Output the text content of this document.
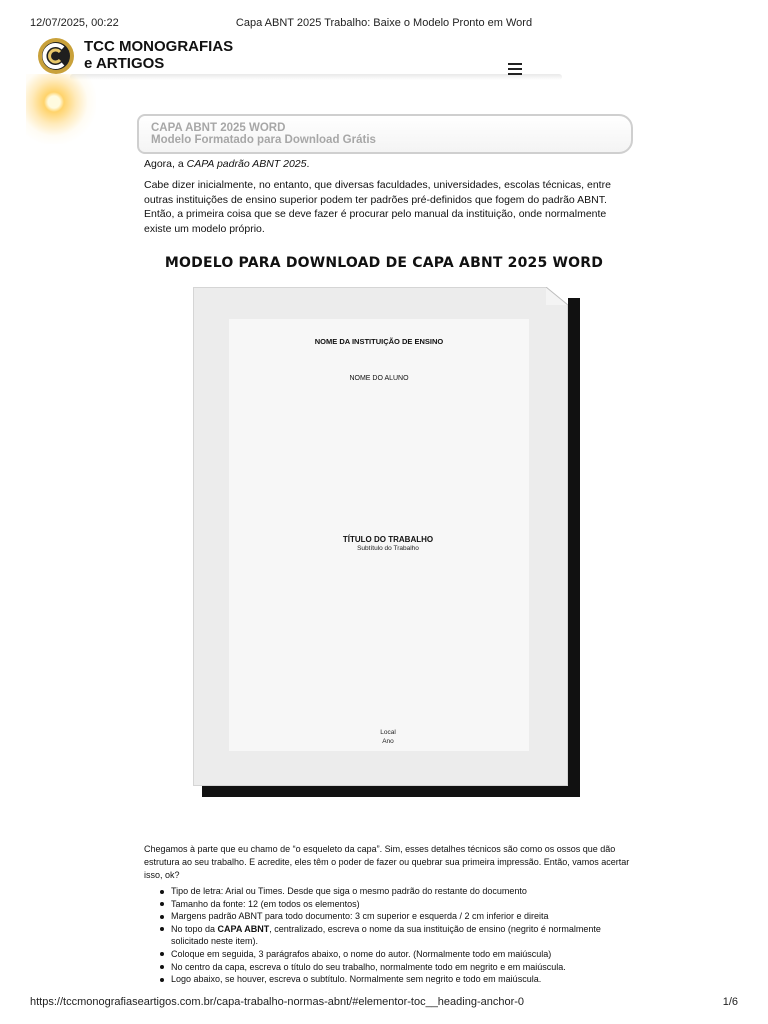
12/07/2025, 00:22	Capa ABNT 2025 Trabalho: Baixe o Modelo Pronto em Word
TCC MONOGRAFIAS
e ARTIGOS
CAPA ABNT 2025 WORD
Modelo Formatado para Download Grátis

Agora, a CAPA padrão ABNT 2025.

Cabe dizer inicialmente, no entanto, que diversas faculdades, universidades, escolas técnicas, entre outras instituições de ensino superior podem ter padrões pré-definidos que fogem do padrão ABNT. Então, a primeira coisa que se deve fazer é procurar pelo manual da instituição, onde normalmente existe um modelo próprio.

MODELO PARA DOWNLOAD DE CAPA ABNT 2025 WORD
NOME DA INSTITUIÇÃO DE ENSINO
NOME DO ALUNO
TÍTULO DO TRABALHO
Subtítulo do Trabalho
Local
Ano

Chegamos à parte que eu chamo de “o esqueleto da capa”. Sim, esses detalhes técnicos são como os ossos que dão estrutura ao seu trabalho. E acredite, eles têm o poder de fazer ou quebrar sua primeira impressão. Então, vamos acertar isso, ok?

Tipo de letra: Arial ou Times. Desde que siga o mesmo padrão do restante do documento
Tamanho da fonte: 12 (em todos os elementos)
Margens padrão ABNT para todo documento: 3 cm superior e esquerda / 2 cm inferior e direita
No topo da CAPA ABNT, centralizado, escreva o nome da sua instituição de ensino (negrito é normalmente solicitado neste item).
Coloque em seguida, 3 parágrafos abaixo, o nome do autor. (Normalmente todo em maiúscula)
No centro da capa, escreva o título do seu trabalho, normalmente todo em negrito e em maiúscula.
Logo abaixo, se houver, escreva o subtítulo. Normalmente sem negrito e todo em maiúscula.
https://tccmonografiaseartigos.com.br/capa-trabalho-normas-abnt/#elementor-toc__heading-anchor-0	1/6
